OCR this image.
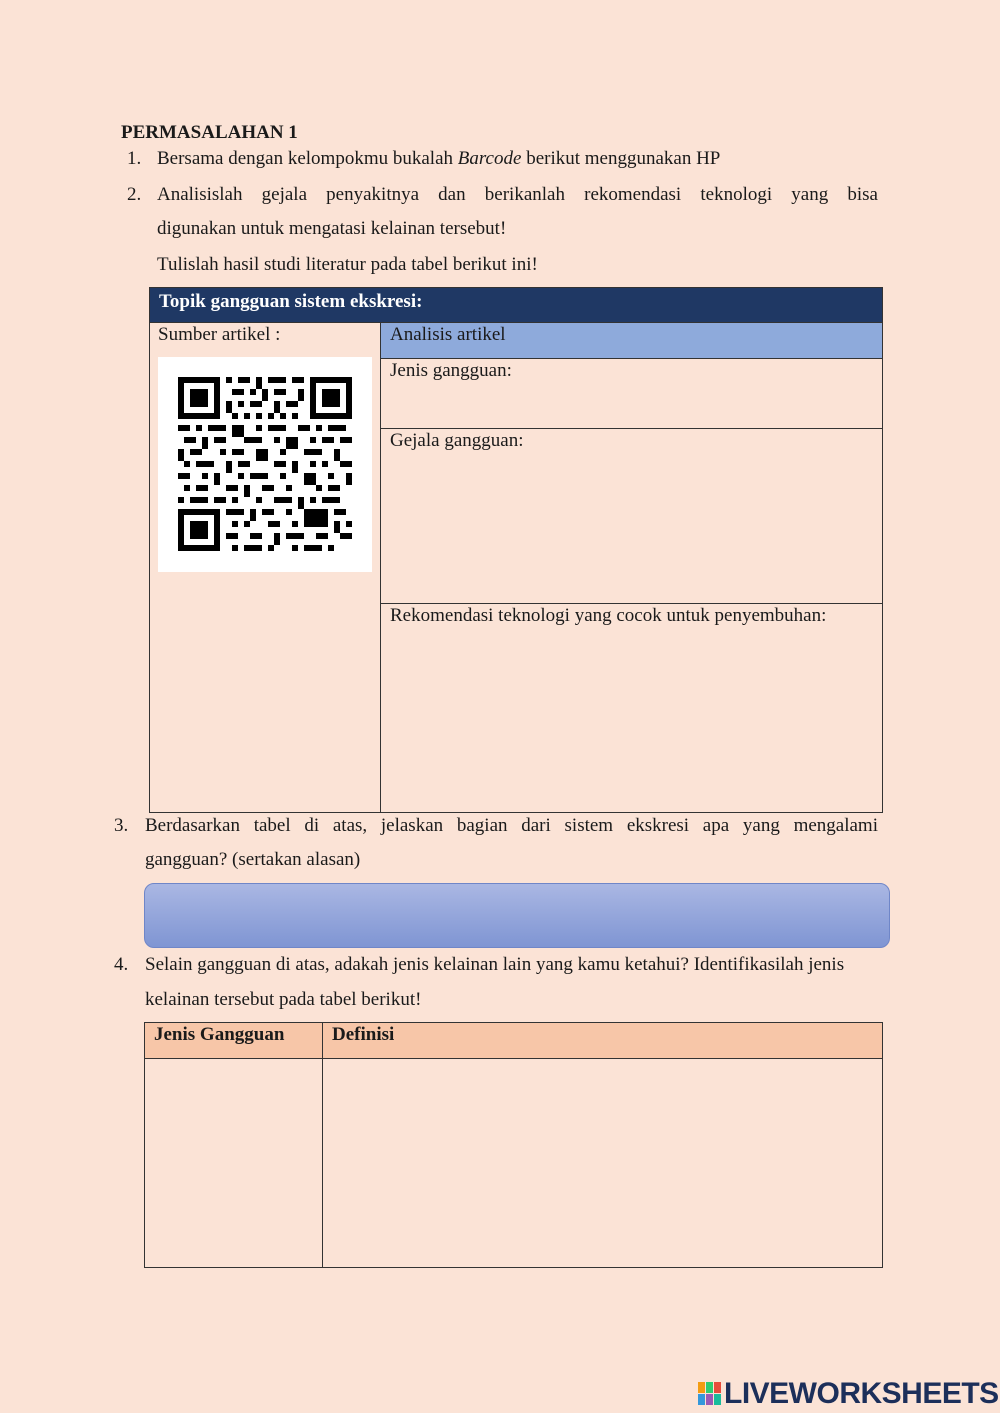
PERMASALAHAN 1
1. Bersama dengan kelompokmu bukalah Barcode berikut menggunakan HP
2. Analisislah gejala penyakitnya dan berikanlah rekomendasi teknologi yang bisa
digunakan untuk mengatasi kelainan tersebut!
Tulislah hasil studi literatur pada tabel berikut ini!
Topik gangguan sistem ekskresi:
Sumber artikel :	Analisis artikel
Jenis gangguan:
Gejala gangguan:
Rekomendasi teknologi yang cocok untuk penyembuhan:
3. Berdasarkan tabel di atas, jelaskan bagian dari sistem ekskresi apa yang mengalami
gangguan? (sertakan alasan)
4. Selain gangguan di atas, adakah jenis kelainan lain yang kamu ketahui? Identifikasilah jenis
kelainan tersebut pada tabel berikut!
Jenis Gangguan	Definisi
LIVEWORKSHEETS
